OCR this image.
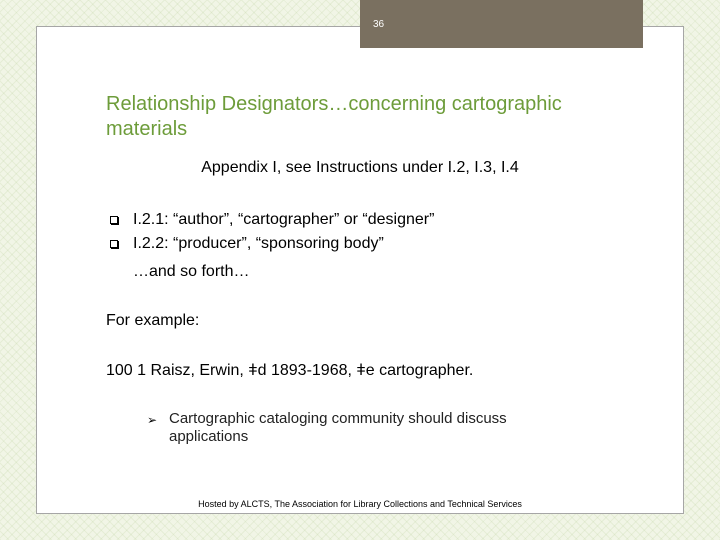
36
Relationship Designators…concerning cartographic materials
Appendix I, see Instructions under I.2, I.3, I.4
I.2.1: “author”, “cartographer” or “designer”
I.2.2: “producer”, “sponsoring body”
…and so forth…
For example:
100 1 Raisz, Erwin, ǂd 1893-1968, ǂe cartographer.
➢ Cartographic cataloging community should discuss applications
Hosted by ALCTS, The Association for Library Collections and Technical Services
